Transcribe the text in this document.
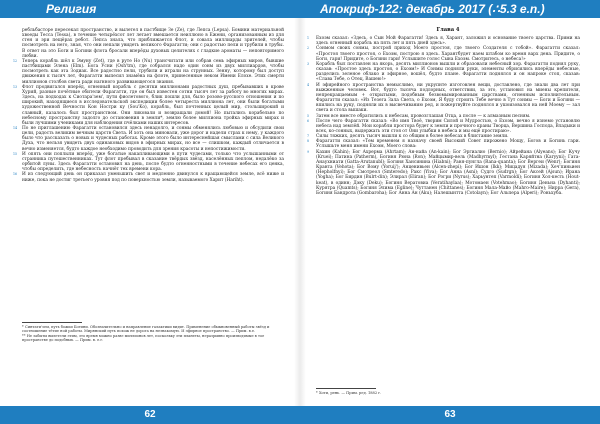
Религия

ребльбасторе пересекал пространство, и вылетел в пастбище Зе (Ze), где Лепса (Lepsa). Бомини материальной хвоеды Тесса (Tessa), в течение четырёхсот лет летает вмешается неиллюно в Ежени, организованным из для стен и эри пещёрах ребот. Лепса знала, что приближается Флот, и совала миллиарды зрителей, чтобы посмотреть на него, зная, что они непали увидеть великого Фарагатти; они с радостью пели и трубили в трубы. В ответ на это Боги и Богини флота бросали вперёды духовых целителях с гладкие ароматы — неповторимого любви.

12 Теперь корабль шёл к Эмуну (Zet), где в руте Но (Nu) трансчитати или собрав семь эфирных миров, бывшие пастбищами Элена (Elm). Бога Усни (Osh'tm), где собрался надо один сонм из двух миллиардов, чтобы посмотреть как эта Зодиак. Все радостно пели, трубили и играли на струнных. Зенну, которому был доступ движения к тысяч лет, Фарагатти выпесил знамёна на флоте, принесенные неком Имени Елохе. Этих смерти миллионов столбов света ради нагнного развивающегося знания.

13 Флот продвигался вперёд, огненный корабль с десятки миллионами радостных душ, пребывавших в крове Хурий, разные почётные обители Фарагатти, где он был известен сотни тысяч лет за работу во многих мирах. Здесь, на подходах к Сиотара'зем', пути фиолетового, блик пошли для, было розово-русского отношения и по широкий, находящиеся в исследовательской экспедиции более четыреста миллиона лет, они были богатыми художественной Вечности Кон Ностри ку (Sou'Ko), корабль, был почтенных целый мир, стольширокий и славный, казалось был пространством. Они ликовали и возвращали домой! Но пытались корабельно по небесному пространству задолго до остановения в земли*, землю более миллиона тройка эфирных мирах и были лучшими учениками для наблюдения пчёлками наших интересов.

14 По не приглашению Фарагатти остановился здесь ненадолго, и сонмы обменялись любовью и обсудили свои цели, радость великим вечным царств Света. И хоть она миновали, уже дорог и надели страх к нему, у каждого было что рассказать о новых и чудесных работах. Кроме этого было интереснейшая смыслами с сила Великого Духа, что нельзя увидеть двух одинаковых видов в эфирных мирах, но все — слишком, каждый отличается в вечно изменяется, будто каждое необходимо проводить для зрения красоты и непостижимости.

15 И опять они поплыли вперёд, уже богатые накапливающими в пути чудесами, только что услышанными от странника путешественниках. Тут флот пребывал в сказание твёрдых звёзд, населённых пеплом, недалёко за орбитой луны. Здесь Фарагатти остановил на день, после будто огненностными в течение небесах его ценка, чтобы определить, где небесность начнёт тех времени кора.

16 И из следующий день он приказал уменьшить свет и медленно двинулся к вращающейся земле, всё ниже и ниже, пока не достиг третьего уровня под по поверхностью земли, называемого Харит (Hariht).

* Синтати'зем, путь божьи Богини. Обозначительно и направление галактики видит. Применение обыкновенный работы звёзд и соотношение тётие ной работы. Мирянский путь похож не дорога на незнакомую. И эфирное пространство. — Прим. в.е.
** Не забыты вылетели этим, это время можно разве миллионов лет, поскольку эти планеты, неразрывно производимые в тое пространстве до подобных. — Прим. в. е.г.
62
Апокриф-122: декабрь 2017 (∴5.3 e.n.)
Глава 4

1 Ехоэм сказал: «Здесь, о Сын Мой Фарагатти! Здесь я, Харант, заложил и основание твоего царства. Прими на здесь огненный корабль на пять лет и пять дней здесь».

2 Сонмом своих сонмы, построй приход Моего простоя, где твоего Создателя с тобой». Фарагатти сказал: «Простоя твоего простоя, о Ехоэм, построю я здесь. Харантбудет наем штабом ко время варх дена. Придите, о Боги, гари! Придите, о Богини гари! Услышите голос Сына Ехоэм. Смотритесь, о небеса!»

3 Корабль был поставлен на якорь, десять миллионов вышли и образовали небесный хор. Фарагатти поднял руку, сказав: «Простое здесь простоя, о Ехоэм!» И Сонмы подняли руки, элементы обрисились вперёды небесные, разделись зеленое облако и эфирное, вошёл, будто плане. Фарагатти поднялся и он напроке стоп, сказав: «Слава Тебе, о Отец, Вашею!»

4 И эфирейного пространства немыслимо, ни укрупнте изготовлен вещи, доставлено, где знали два лет при выжженные человек. Вот, будто тысяча подлорных, ответствии, за это, установил на миены крепителя, непрекращаемым + открытыми, подобным безвомымированным царствами, огненным исполнительным. Фарагатти сказал: «Из Тезега Зала Света, о Ехоэм, Я буду строить Тебе вечно в Тут сонмы — Боги и Богини — впились на руку, подняли их в высвечиванию ред, и пожертвуйте поднялся и ушоизовался на ней Моему — зал света и стола вышаки.

5 Затем все вместе обратились к небесам, провозглашая Отца, а после — к алмазным песням.

6 После чего Фарагатти сказал: «Во имя Твоё, творим Силой и Мудростью, о Ехоэм, вечно я изнемо установлю небеса над землёй. Мои корабли простора будет к земли и прочного краны Творца, Вершина Господа, Владыки и всех, ко-сонных, выдержать эти стоя от Они улыбки в небеса и мы ещё простираю».

7 Силы тяжких, десять тысяч вышли к со общим в более небесах в блистание земли.

8 Фарагатти сказал: «Тем временем я назначу своей Высокий Совет пирожено Мощу, Богов и Богинь гари. Услышьте меня имени Ехоэм, Моего слова:

9 Кахин (Kahin); Бог Ахрерма (Ahrtam); Ан-найа (An-kain); Бог Эргиалио (Bernio); Айрейана (Alyeans); Бог Кучу (Kruei); Патина (Patherm), Богиня Рюна (Ron); Майцымир-вель (Madhyrmyl); Гестана Каряйтна (Karyyni); Гата-Анаухниати (Gatta-Arutanubl); Богиня Хансинина (Hiabni); Раня-пунгла (Rana-quanta); Бог Вергеи (Wenr); Богиня Кранта (Vehota); Бог Вому (Yoruij'); Анценивьен (Alcen-zhepi); Бог Ишон (Ikk); Мицадуя (Mizada); Хеч'пиньиен (Hepholfnyi); Бог Смотреол (Smteredo); Ракс (Yiva); Бог Анна (Asni); Судго (Sudrgn); Бог Аксей (Ajsun); Ирана (Yogha); Бог Бирдия (Bulrt-din); Элирал (Eliran); Бог Рогри (Nyrus); Харьунтеп (Varmoldi); Богиня Хол-кесть (Hout-keat), в одинн; Дэку (Deku); Богиня Вератовиа (Veratihaylaa); Мотомаен (Votehmao); Богиня Деньна (Dyhanti); Курятра (Quamts); Богиня Элима (Egline); Чуттанен (Chittanes); Богиня Мала-Майо (Mahro-Maire); Нирра (Gera), Богиня Бандрота (Gombaroha); Бог Анна Ан (Aku); Налешынтта (Cotolayn); Бог Альпера (Alperi); Роньхуба.

* Хоти, рень. — Прим. ред. 1882 г.
63
